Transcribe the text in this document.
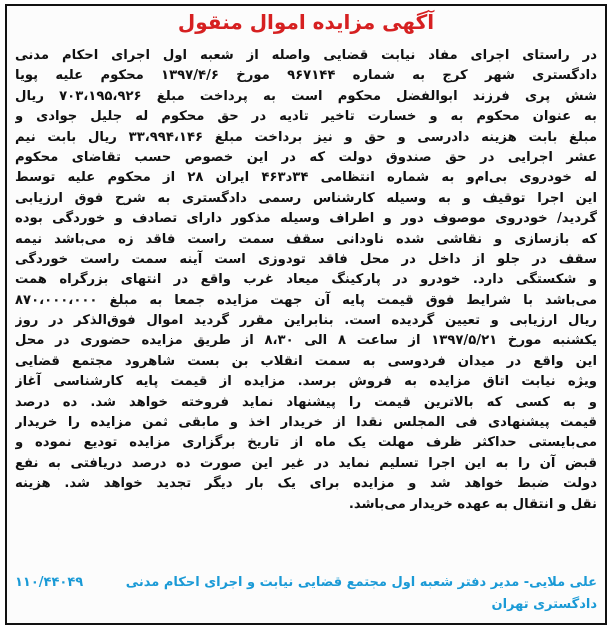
آگهی مزایده اموال منقول
در راستای اجرای مفاد نیابت قضایی واصله از شعبه اول اجرای احکام مدنی
دادگستری شهر کرج به شماره ۹۶۷۱۴۴ مورخ ۱۳۹۷/۴/۶ محکوم علیه پویا
شش پری فرزند ابوالفضل محکوم است به پرداخت مبلغ ۷۰۳،۱۹۵،۹۲۶ ریال
به عنوان محکوم به و خسارت تاخیر تادیه در حق محکوم له جلیل جوادی و
مبلغ بابت هزینه دادرسی و حق و نیز برداخت مبلغ ۳۳،۹۹۴،۱۴۶ ریال بابت نیم
عشر اجرایی در حق صندوق دولت که در این خصوص حسب تقاضای محکوم
له خودروی بی‌ام‌و به شماره انتظامی ۳۴د۴۶۳ ایران ۲۸ از محکوم علیه توسط
این اجرا توقیف و به وسیله کارشناس رسمی دادگستری به شرح فوق ارزیابی
گردید/ خودروی موصوف دور و اطراف وسیله مذکور دارای تصادف و خوردگی بوده
که بازسازی و نقاشی شده ناودانی سقف سمت راست فاقد زه می‌باشد نیمه
سقف در جلو از داخل در محل فاقد تودوزی است آینه سمت راست خوردگی
و شکستگی دارد. خودرو در پارکینگ میعاد غرب واقع در انتهای بزرگراه همت
می‌باشد با شرایط فوق قیمت پایه آن جهت مزایده جمعا به مبلغ ۸۷۰،۰۰۰،۰۰۰
ریال ارزیابی و تعیین گردیده است. بنابراین مقرر گردید اموال فوق‌الذکر در روز
یکشنبه مورخ ۱۳۹۷/۵/۲۱ از ساعت ۸ الی ۸،۳۰ از طریق مزایده حضوری در محل
این واقع در میدان فردوسی به سمت انقلاب بن بست شاهرود مجتمع قضایی
ویژه نیابت اتاق مزایده به فروش برسد. مزایده از قیمت پایه کارشناسی آغاز
و به کسی که بالاترین قیمت را پیشنهاد نماید فروخته خواهد شد. ده درصد
قیمت پیشنهادی فی المجلس نقدا از خریدار اخذ و مابقی ثمن مزایده را خریدار
می‌بایستی حداکثر ظرف مهلت یک ماه از تاریخ برگزاری مزایده تودیع نموده و
قبض آن را به این اجرا تسلیم نماید در غیر این صورت ده درصد دریافتی به نفع
دولت ضبط خواهد شد و مزایده برای یک بار دیگر تجدید خواهد شد. هزینه
نقل و انتقال به عهده خریدار می‌باشد.
۱۱۰/۴۴۰۴۹	علی ملایی- مدیر دفتر شعبه اول مجتمع قضایی نیابت و اجرای احکام مدنی
دادگستری تهران
